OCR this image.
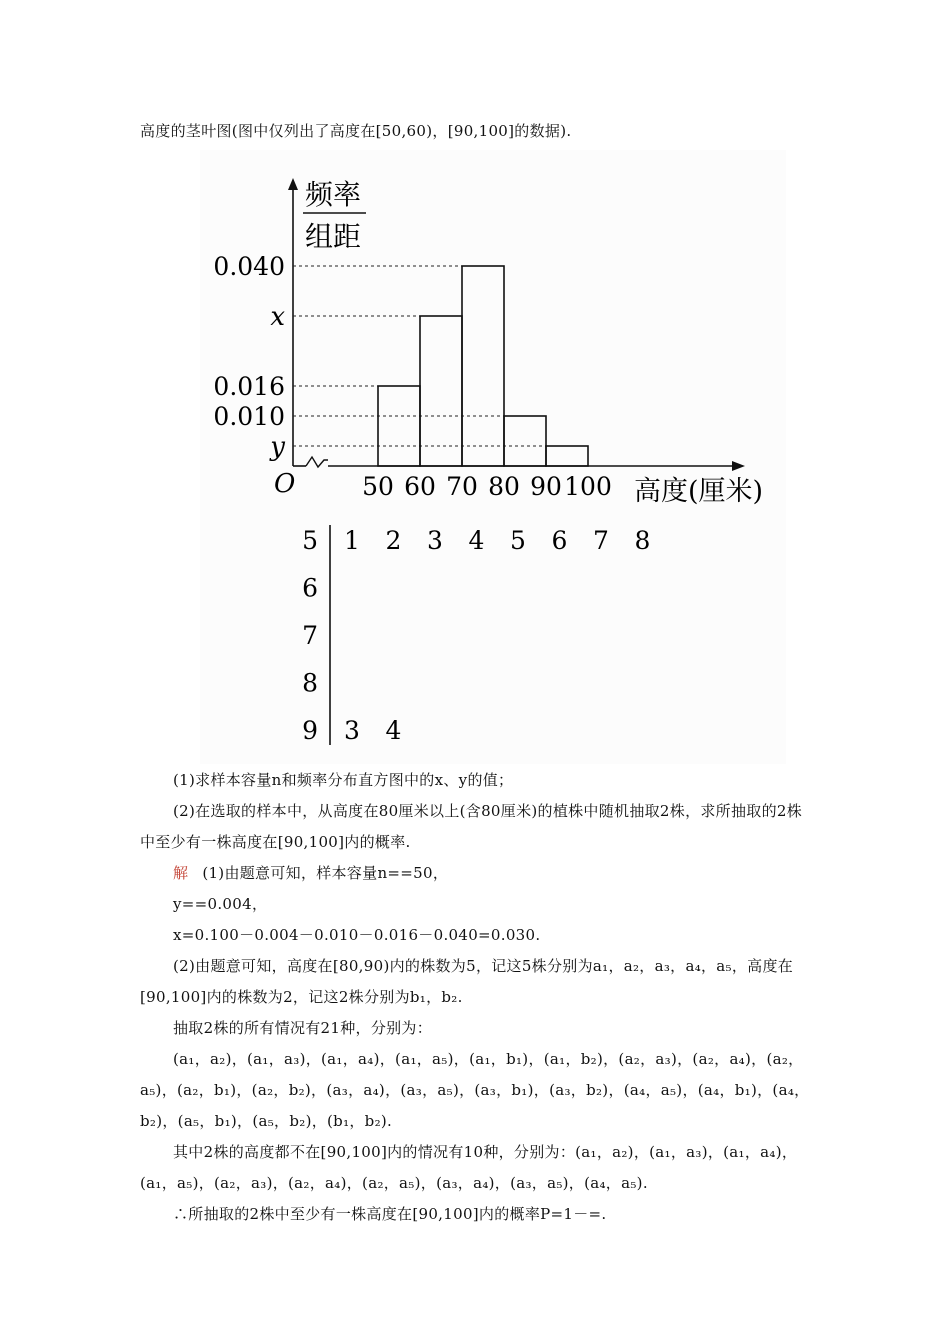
高度的茎叶图(图中仅列出了高度在[50,60)，[90,100]的数据).

频率
组距
O
0.040
x
0.016
0.010
y
50 60 70 80 90 100 高度(厘米)
5 1 2 3 4 5 6 7 8
6
7
8
9 3 4

(1)求样本容量n和频率分布直方图中的x、y的值；

(2)在选取的样本中，从高度在80厘米以上(含80厘米)的植株中随机抽取2株，求所抽取的2株中至少有一株高度在[90,100]内的概率.

解 (1)由题意可知，样本容量n==50，

y==0.004，

x=0.100－0.004－0.010－0.016－0.040=0.030.

(2)由题意可知，高度在[80,90)内的株数为5，记这5株分别为a₁，a₂，a₃，a₄，a₅，高度在[90,100]内的株数为2，记这2株分别为b₁，b₂.

抽取2株的所有情况有21种，分别为：

(a₁，a₂)，(a₁，a₃)，(a₁，a₄)，(a₁，a₅)，(a₁，b₁)，(a₁，b₂)，(a₂，a₃)，(a₂，a₄)，(a₂，a₅)，(a₂，b₁)，(a₂，b₂)，(a₃，a₄)，(a₃，a₅)，(a₃，b₁)，(a₃，b₂)，(a₄，a₅)，(a₄，b₁)，(a₄，b₂)，(a₅，b₁)，(a₅，b₂)，(b₁，b₂).

其中2株的高度都不在[90,100]内的情况有10种，分别为：(a₁，a₂)，(a₁，a₃)，(a₁，a₄)，(a₁，a₅)，(a₂，a₃)，(a₂，a₄)，(a₂，a₅)，(a₃，a₄)，(a₃，a₅)，(a₄，a₅).

∴所抽取的2株中至少有一株高度在[90,100]内的概率P=1－=.
